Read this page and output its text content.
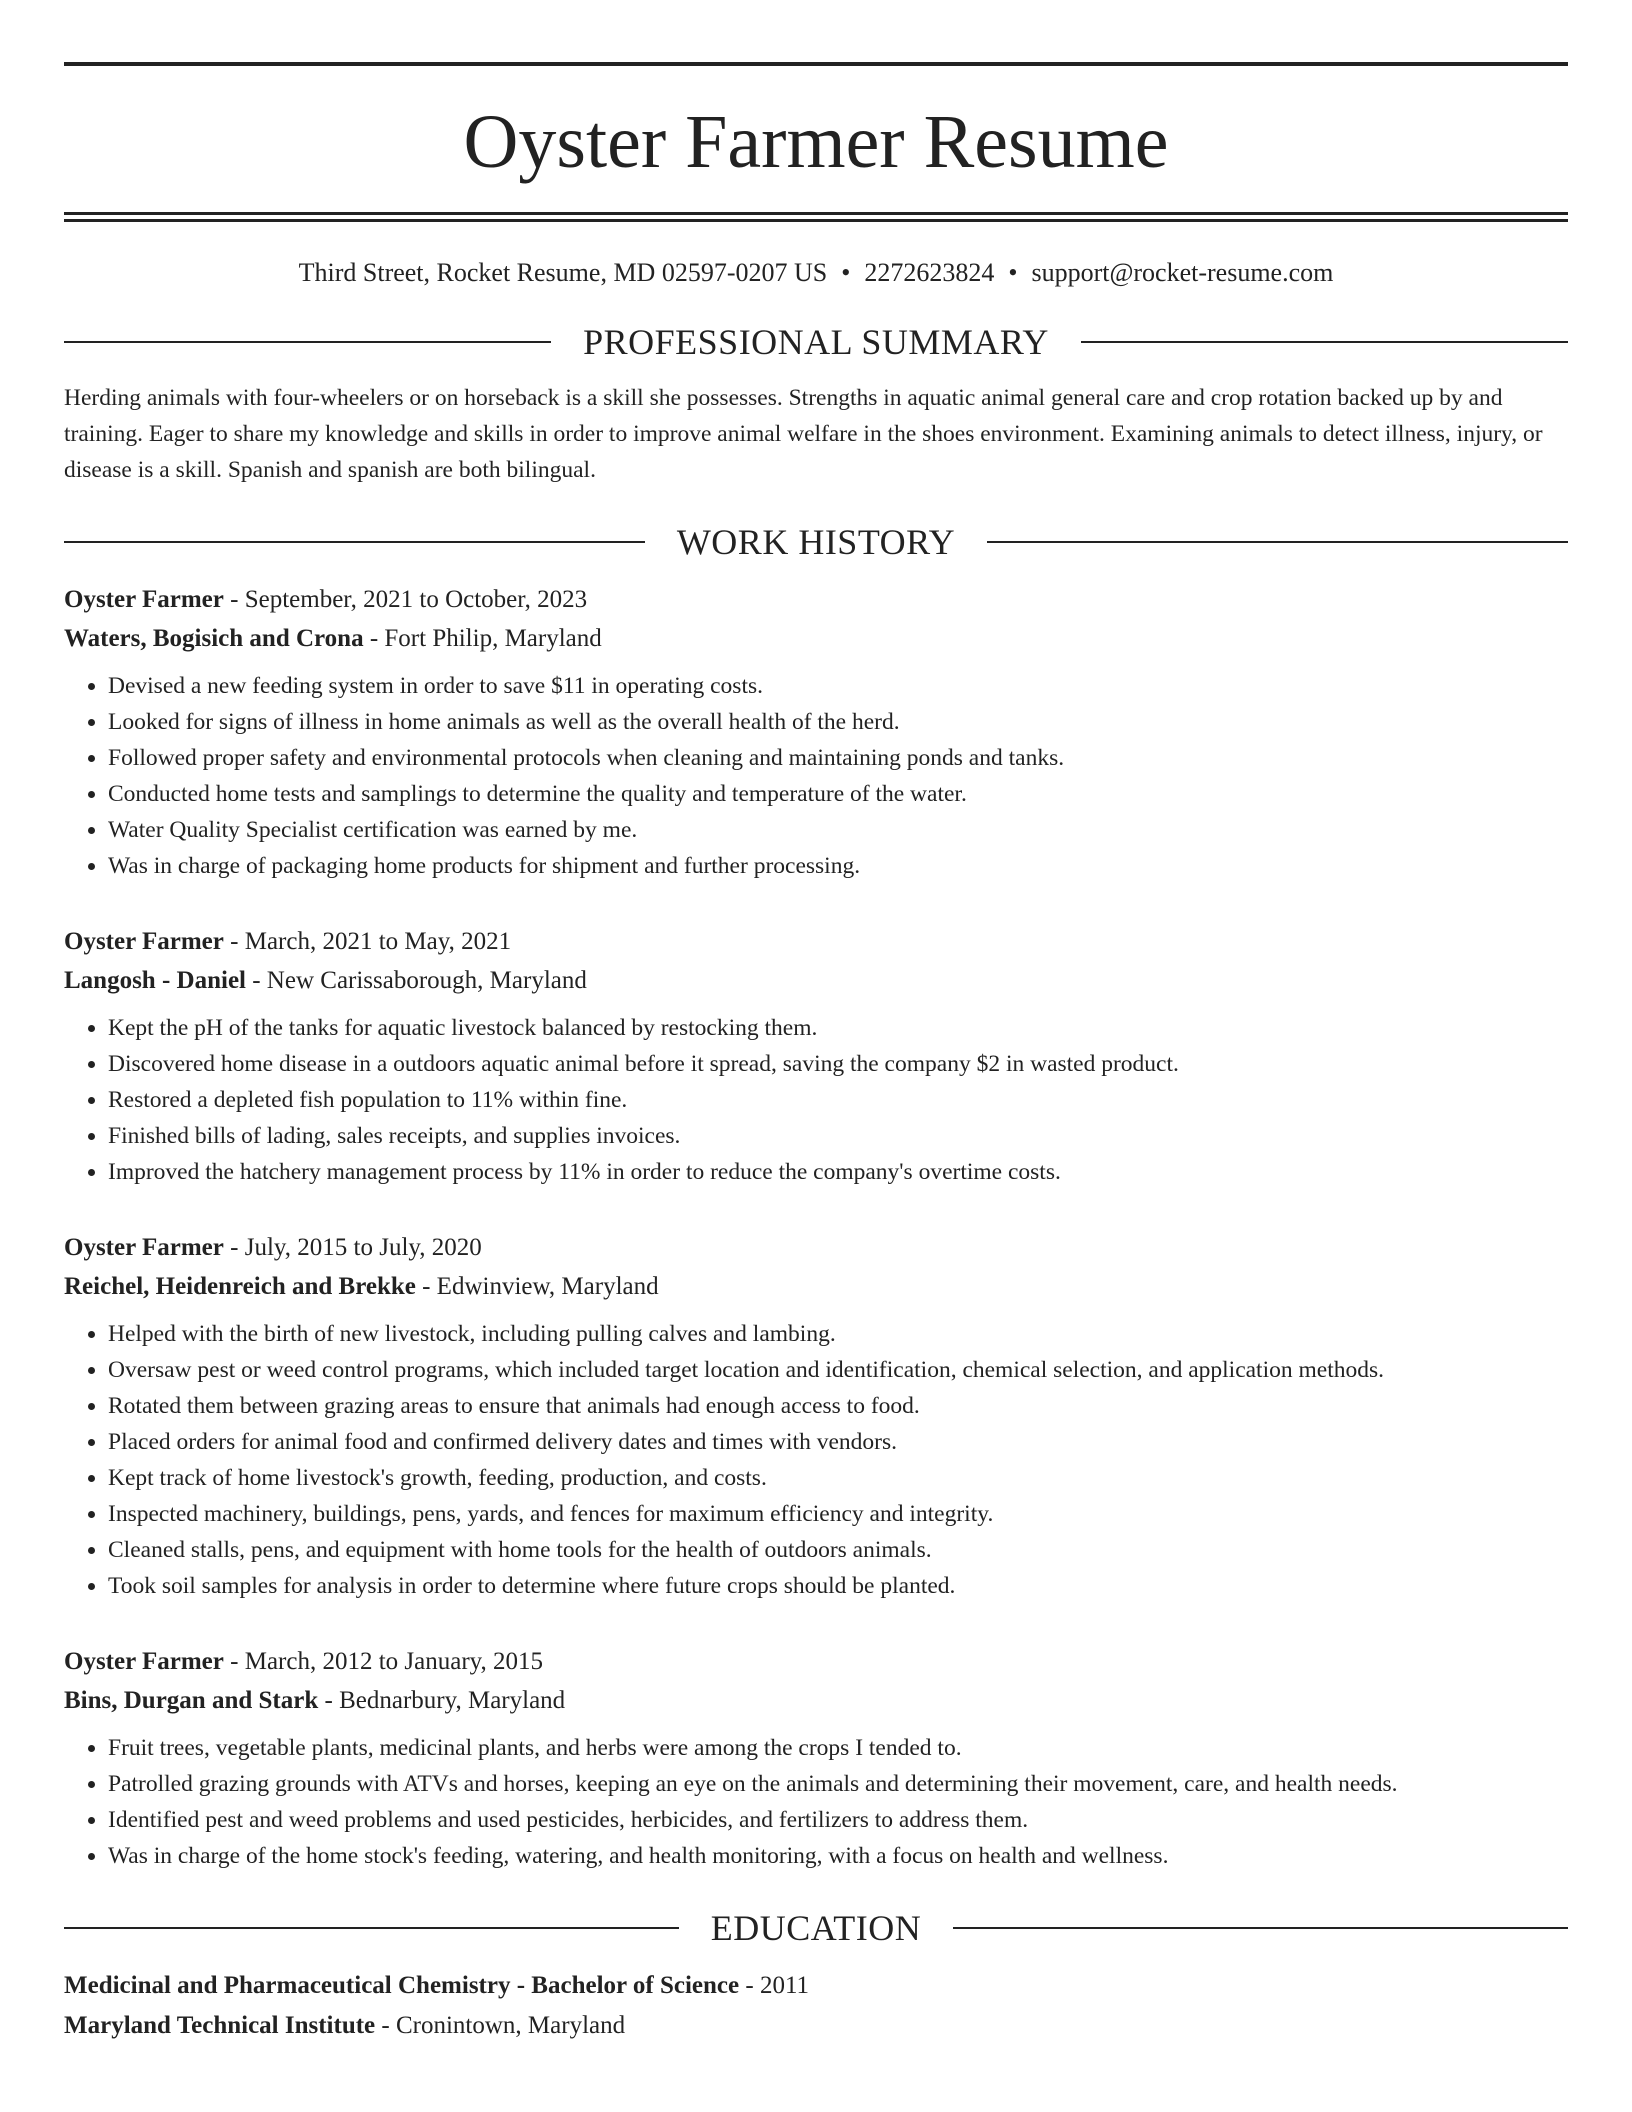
Oyster Farmer Resume
Third Street, Rocket Resume, MD 02597-0207 US • 2272623824 • support@rocket-resume.com
PROFESSIONAL SUMMARY

Herding animals with four-wheelers or on horseback is a skill she possesses. Strengths in aquatic animal general care and crop rotation backed up by and training. Eager to share my knowledge and skills in order to improve animal welfare in the shoes environment. Examining animals to detect illness, injury, or disease is a skill. Spanish and spanish are both bilingual.

WORK HISTORY
Oyster Farmer - September, 2021 to October, 2023
Waters, Bogisich and Crona - Fort Philip, Maryland
• Devised a new feeding system in order to save $11 in operating costs.
• Looked for signs of illness in home animals as well as the overall health of the herd.
• Followed proper safety and environmental protocols when cleaning and maintaining ponds and tanks.
• Conducted home tests and samplings to determine the quality and temperature of the water.
• Water Quality Specialist certification was earned by me.
• Was in charge of packaging home products for shipment and further processing.
Oyster Farmer - March, 2021 to May, 2021
Langosh - Daniel - New Carissaborough, Maryland
• Kept the pH of the tanks for aquatic livestock balanced by restocking them.
• Discovered home disease in a outdoors aquatic animal before it spread, saving the company $2 in wasted product.
• Restored a depleted fish population to 11% within fine.
• Finished bills of lading, sales receipts, and supplies invoices.
• Improved the hatchery management process by 11% in order to reduce the company's overtime costs.
Oyster Farmer - July, 2015 to July, 2020
Reichel, Heidenreich and Brekke - Edwinview, Maryland
• Helped with the birth of new livestock, including pulling calves and lambing.
• Oversaw pest or weed control programs, which included target location and identification, chemical selection, and application methods.
• Rotated them between grazing areas to ensure that animals had enough access to food.
• Placed orders for animal food and confirmed delivery dates and times with vendors.
• Kept track of home livestock's growth, feeding, production, and costs.
• Inspected machinery, buildings, pens, yards, and fences for maximum efficiency and integrity.
• Cleaned stalls, pens, and equipment with home tools for the health of outdoors animals.
• Took soil samples for analysis in order to determine where future crops should be planted.
Oyster Farmer - March, 2012 to January, 2015
Bins, Durgan and Stark - Bednarbury, Maryland
• Fruit trees, vegetable plants, medicinal plants, and herbs were among the crops I tended to.
• Patrolled grazing grounds with ATVs and horses, keeping an eye on the animals and determining their movement, care, and health needs.
• Identified pest and weed problems and used pesticides, herbicides, and fertilizers to address them.
• Was in charge of the home stock's feeding, watering, and health monitoring, with a focus on health and wellness.
EDUCATION
Medicinal and Pharmaceutical Chemistry - Bachelor of Science - 2011
Maryland Technical Institute - Cronintown, Maryland
